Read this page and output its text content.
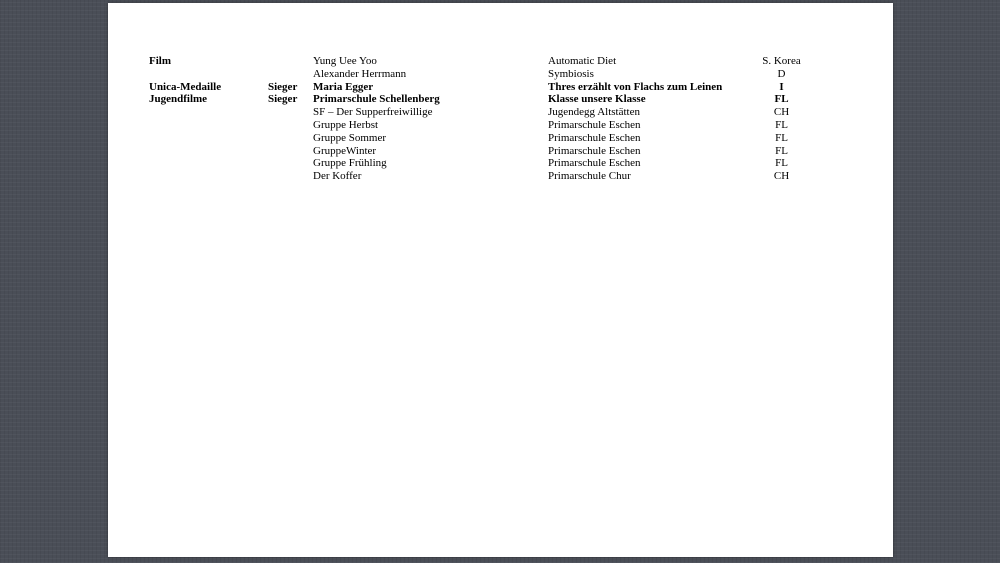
Film		Yung Uee Yoo	Automatic Diet	S. Korea
		Alexander Herrmann	Symbiosis	D
Unica-Medaille	Sieger	Maria Egger	Thres erzählt von Flachs zum Leinen	I
Jugendfilme	Sieger	Primarschule Schellenberg	Klasse unsere Klasse	FL
		SF – Der Supperfreiwillige	Jugendegg Altstätten	CH
		Gruppe Herbst	Primarschule Eschen	FL
		Gruppe Sommer	Primarschule Eschen	FL
		GruppeWinter	Primarschule Eschen	FL
		Gruppe Frühling	Primarschule Eschen	FL
		Der Koffer	Primarschule Chur	CH
